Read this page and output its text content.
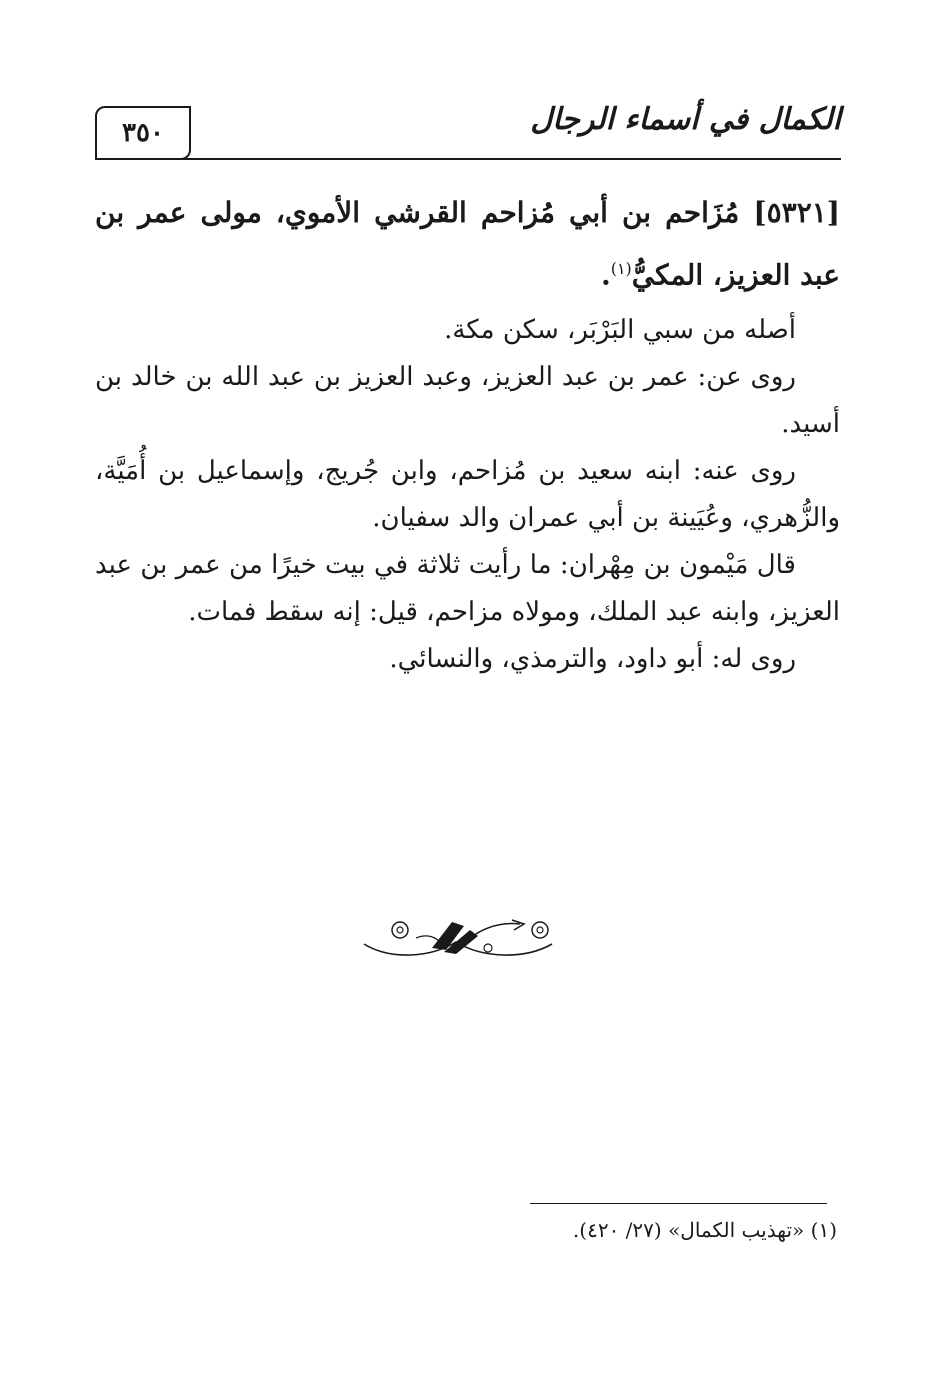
٣٥٠	الكمال في أسماء الرجال

[٥٣٢١] مُزَاحم بن أبي مُزاحم القرشي الأموي، مولى عمر بن عبد العزيز، المكيُّ$^{(١)}$.

أصله من سبي البَرْبَر، سكن مكة.

روى عن: عمر بن عبد العزيز، وعبد العزيز بن عبد الله بن خالد بن أسيد.

روى عنه: ابنه سعيد بن مُزاحم، وابن جُريج، وإسماعيل بن أُمَيَّة، والزُّهري، وعُيَينة بن أبي عمران والد سفيان.

قال مَيْمون بن مِهْران: ما رأيت ثلاثة في بيت خيرًا من عمر بن عبد العزيز، وابنه عبد الملك، ومولاه مزاحم، قيل: إنه سقط فمات.

روى له: أبو داود، والترمذي، والنسائي.

(١) «تهذيب الكمال» (٢٧/ ٤٢٠).
